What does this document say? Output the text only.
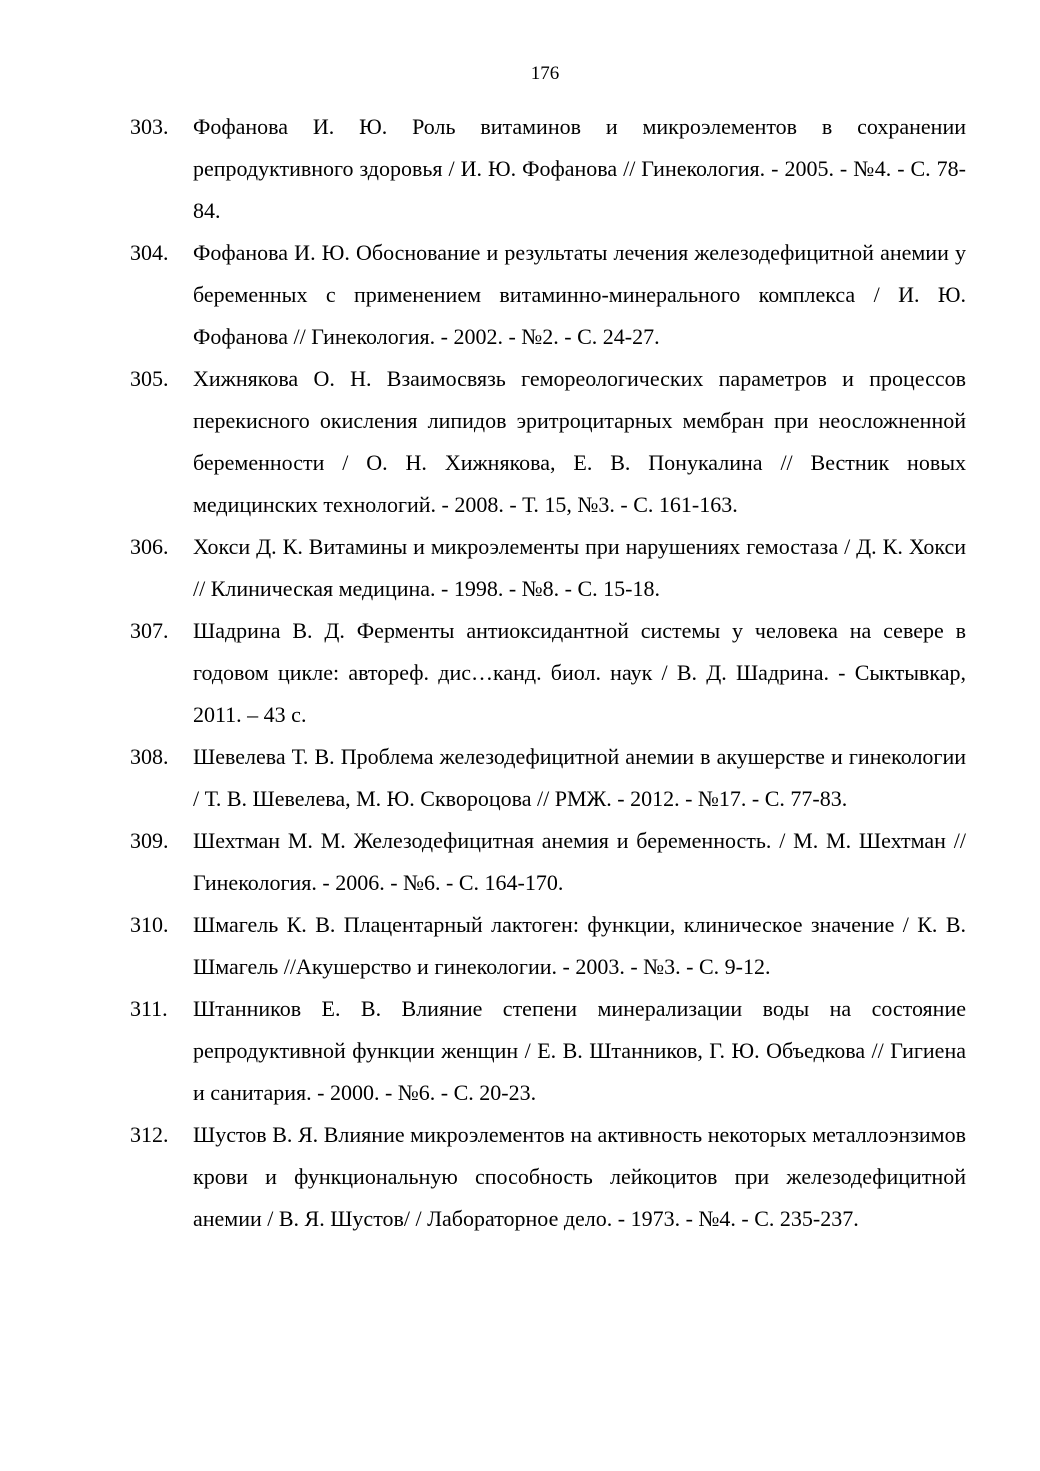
176
303.	Фофанова И. Ю. Роль витаминов и микроэлементов в сохранении репродуктивного здоровья / И. Ю. Фофанова // Гинекология. - 2005. - №4. - С. 78-84.
304.	Фофанова И. Ю. Обоснование и результаты лечения железодефицитной анемии у беременных с применением витаминно-минерального комплекса / И. Ю. Фофанова // Гинекология. - 2002. - №2. - С. 24-27.
305.	Хижнякова О. Н. Взаимосвязь гемореологических параметров и процессов перекисного окисления липидов эритроцитарных мембран при неосложненной беременности / О. Н. Хижнякова, Е. В. Понукалина // Вестник новых медицинских технологий. - 2008. - Т. 15, №3. - С. 161-163.
306.	Хокси Д. К. Витамины и микроэлементы при нарушениях гемостаза / Д. К. Хокси // Клиническая медицина. - 1998. - №8. - С. 15-18.
307.	Шадрина В. Д. Ферменты антиоксидантной системы у человека на севере в годовом цикле: автореф. дис…канд. биол. наук / В. Д. Шадрина. - Сыктывкар, 2011. – 43 с.
308.	Шевелева Т. В. Проблема железодефицитной анемии в акушерстве и гинекологии / Т. В. Шевелева, М. Ю. Сквороцова // РМЖ. - 2012. - №17. - С. 77-83.
309.	Шехтман М. М. Железодефицитная анемия и беременность. / М. М. Шехтман // Гинекология. - 2006. - №6. - С. 164-170.
310.	Шмагель К. В. Плацентарный лактоген: функции, клиническое значение / К. В. Шмагель //Акушерство и гинекологии. - 2003. - №3. - С. 9-12.
311.	Штанников Е. В. Влияние степени минерализации воды на состояние репродуктивной функции женщин / Е. В. Штанников, Г. Ю. Объедкова // Гигиена и санитария. - 2000. - №6. - С. 20-23.
312.	Шустов В. Я. Влияние микроэлементов на активность некоторых металлоэнзимов крови и функциональную способность лейкоцитов при железодефицитной анемии / В. Я. Шустов/ / Лабораторное дело. - 1973. - №4. - С. 235-237.
